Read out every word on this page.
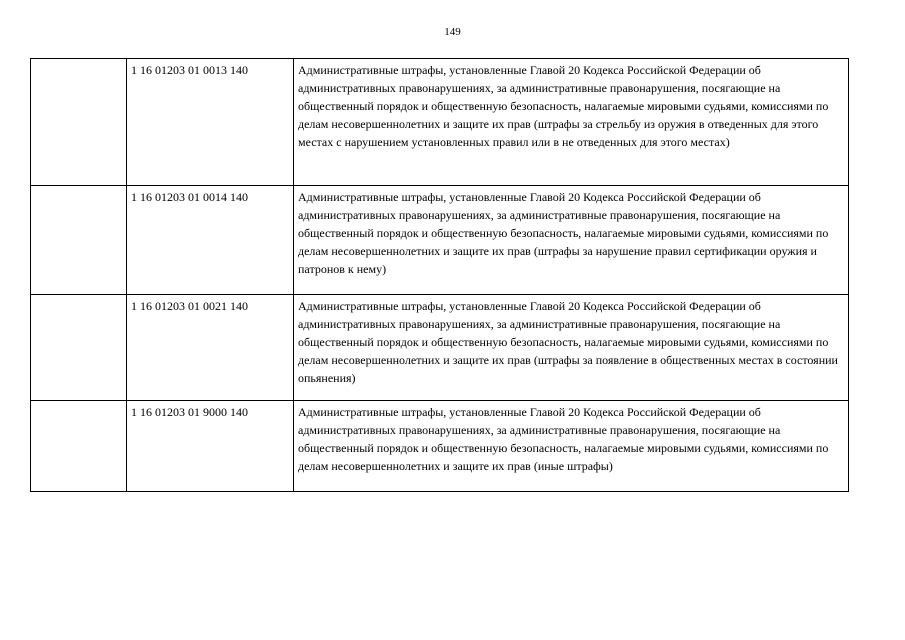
149
	1 16 01203 01 0013 140	Административные штрафы, установленные Главой 20 Кодекса Российской Федерации об административных правонарушениях, за административные правонарушения, посягающие на общественный порядок и общественную безопасность, налагаемые мировыми судьями, комиссиями по делам несовершеннолетних и защите их прав (штрафы за стрельбу из оружия в отведенных для этого местах с нарушением установленных правил или в не отведенных для этого местах)
	1 16 01203 01 0014 140	Административные штрафы, установленные Главой 20 Кодекса Российской Федерации об административных правонарушениях, за административные правонарушения, посягающие на общественный порядок и общественную безопасность, налагаемые мировыми судьями, комиссиями по делам несовершеннолетних и защите их прав (штрафы за нарушение правил сертификации оружия и патронов к нему)
	1 16 01203 01 0021 140	Административные штрафы, установленные Главой 20 Кодекса Российской Федерации об административных правонарушениях, за административные правонарушения, посягающие на общественный порядок и общественную безопасность, налагаемые мировыми судьями, комиссиями по делам несовершеннолетних и защите их прав (штрафы за появление в общественных местах в состоянии опьянения)
	1 16 01203 01 9000 140	Административные штрафы, установленные Главой 20 Кодекса Российской Федерации об административных правонарушениях, за административные правонарушения, посягающие на общественный порядок и общественную безопасность, налагаемые мировыми судьями, комиссиями по делам несовершеннолетних и защите их прав (иные штрафы)
